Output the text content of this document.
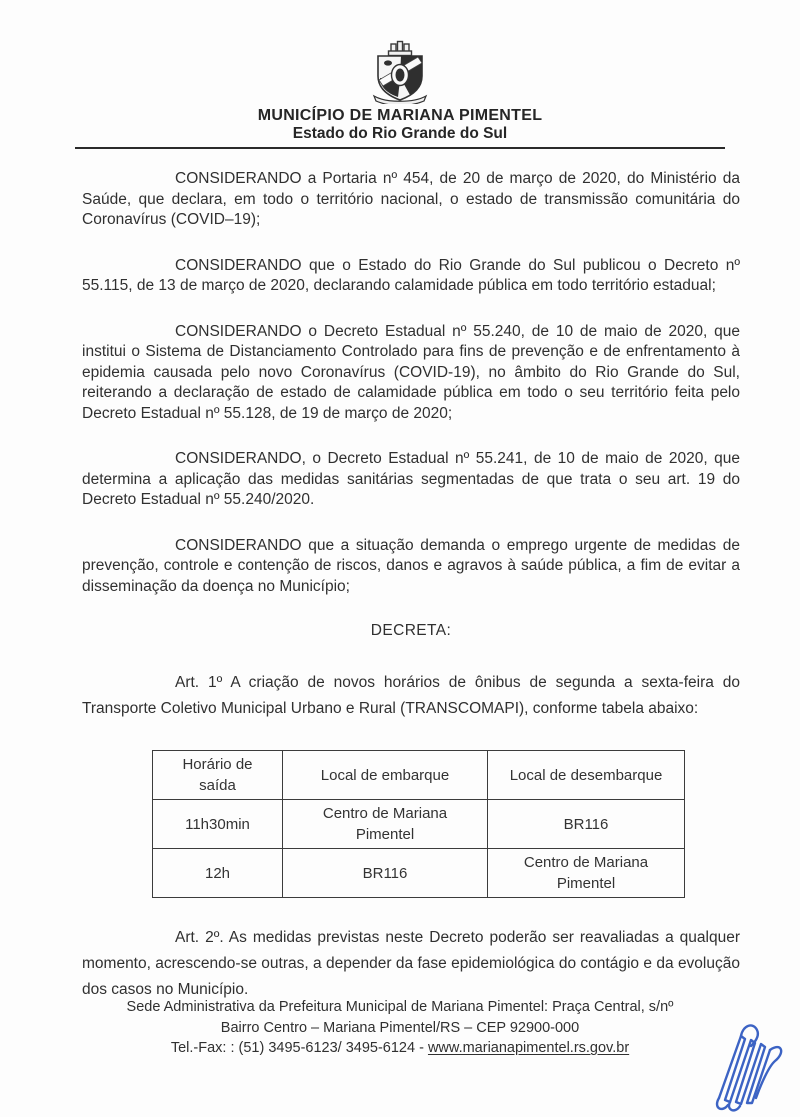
MUNICÍPIO DE MARIANA PIMENTEL
Estado do Rio Grande do Sul

CONSIDERANDO a Portaria nº 454, de 20 de março de 2020, do Ministério da Saúde, que declara, em todo o território nacional, o estado de transmissão comunitária do Coronavírus (COVID–19);

CONSIDERANDO que o Estado do Rio Grande do Sul publicou o Decreto nº 55.115, de 13 de março de 2020, declarando calamidade pública em todo território estadual;

CONSIDERANDO o Decreto Estadual nº 55.240, de 10 de maio de 2020, que institui o Sistema de Distanciamento Controlado para fins de prevenção e de enfrentamento à epidemia causada pelo novo Coronavírus (COVID-19), no âmbito do Rio Grande do Sul, reiterando a declaração de estado de calamidade pública em todo o seu território feita pelo Decreto Estadual nº 55.128, de 19 de março de 2020;

CONSIDERANDO, o Decreto Estadual nº 55.241, de 10 de maio de 2020, que determina a aplicação das medidas sanitárias segmentadas de que trata o seu art. 19 do Decreto Estadual nº 55.240/2020.

CONSIDERANDO que a situação demanda o emprego urgente de medidas de prevenção, controle e contenção de riscos, danos e agravos à saúde pública, a fim de evitar a disseminação da doença no Município;

DECRETA:

Art. 1º A criação de novos horários de ônibus de segunda a sexta-feira do Transporte Coletivo Municipal Urbano e Rural (TRANSCOMAPI), conforme tabela abaixo:

Horário de saída	Local de embarque	Local de desembarque
11h30min	Centro de Mariana Pimentel	BR116
12h	BR116	Centro de Mariana Pimentel

Art. 2º. As medidas previstas neste Decreto poderão ser reavaliadas a qualquer momento, acrescendo-se outras, a depender da fase epidemiológica do contágio e da evolução dos casos no Município.

Sede Administrativa da Prefeitura Municipal de Mariana Pimentel: Praça Central, s/nº
Bairro Centro – Mariana Pimentel/RS – CEP 92900-000
Tel.-Fax: : (51) 3495-6123/ 3495-6124 - www.marianapimentel.rs.gov.br
